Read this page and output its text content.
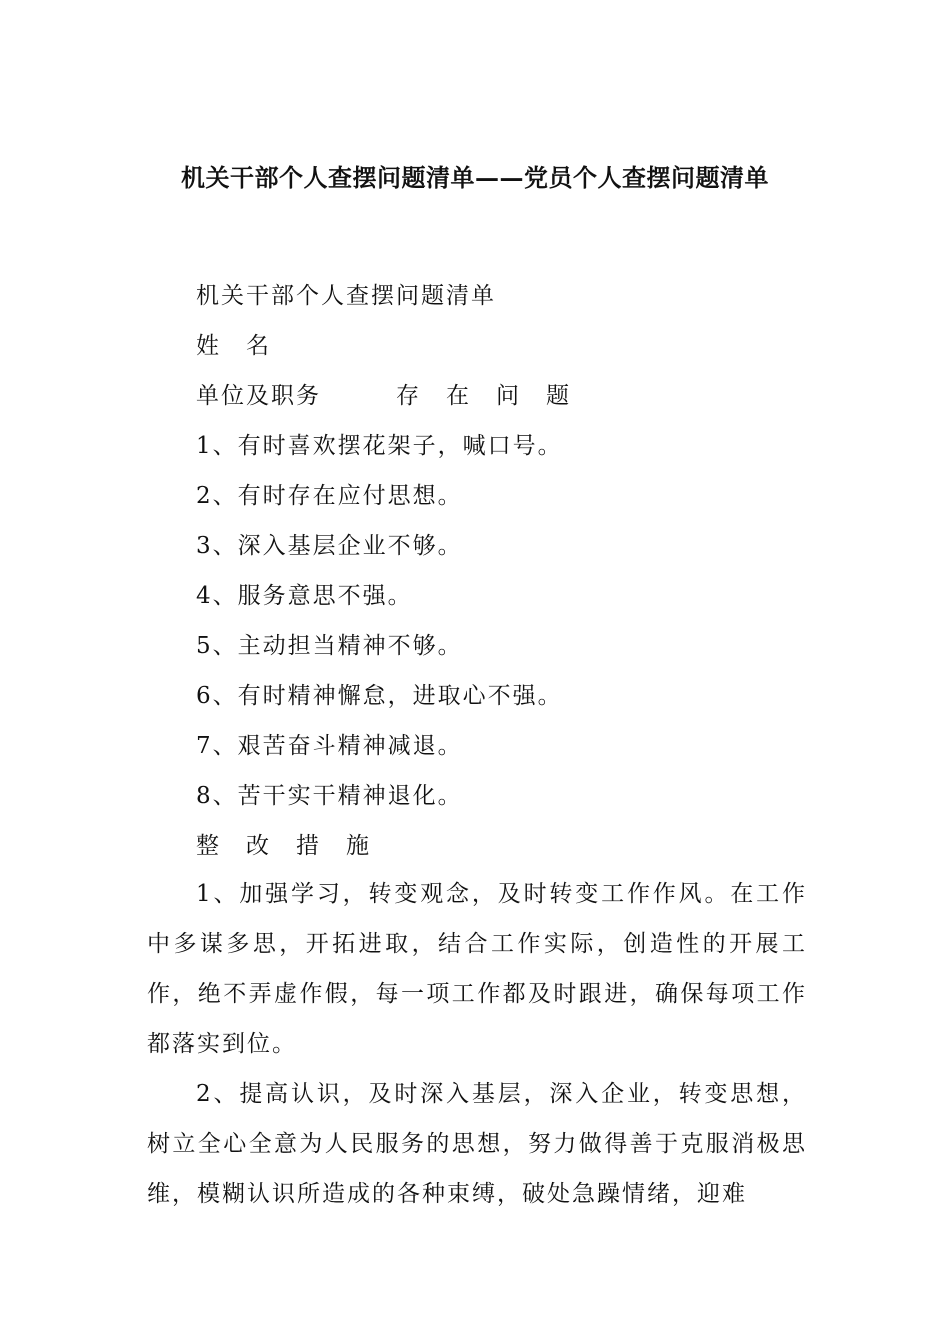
机关干部个人查摆问题清单——党员个人查摆问题清单
机关干部个人查摆问题清单
姓　名
单位及职务　　　存　在　问　题
1、有时喜欢摆花架子，喊口号。
2、有时存在应付思想。
3、深入基层企业不够。
4、服务意思不强。
5、主动担当精神不够。
6、有时精神懈怠，进取心不强。
7、艰苦奋斗精神减退。
8、苦干实干精神退化。
整　改　措　施
1、加强学习，转变观念，及时转变工作作风。在工作中多谋多思，开拓进取，结合工作实际，创造性的开展工作，绝不弄虚作假，每一项工作都及时跟进，确保每项工作都落实到位。
2、提高认识，及时深入基层，深入企业，转变思想，树立全心全意为人民服务的思想，努力做得善于克服消极思维，模糊认识所造成的各种束缚，破处急躁情绪，迎难
